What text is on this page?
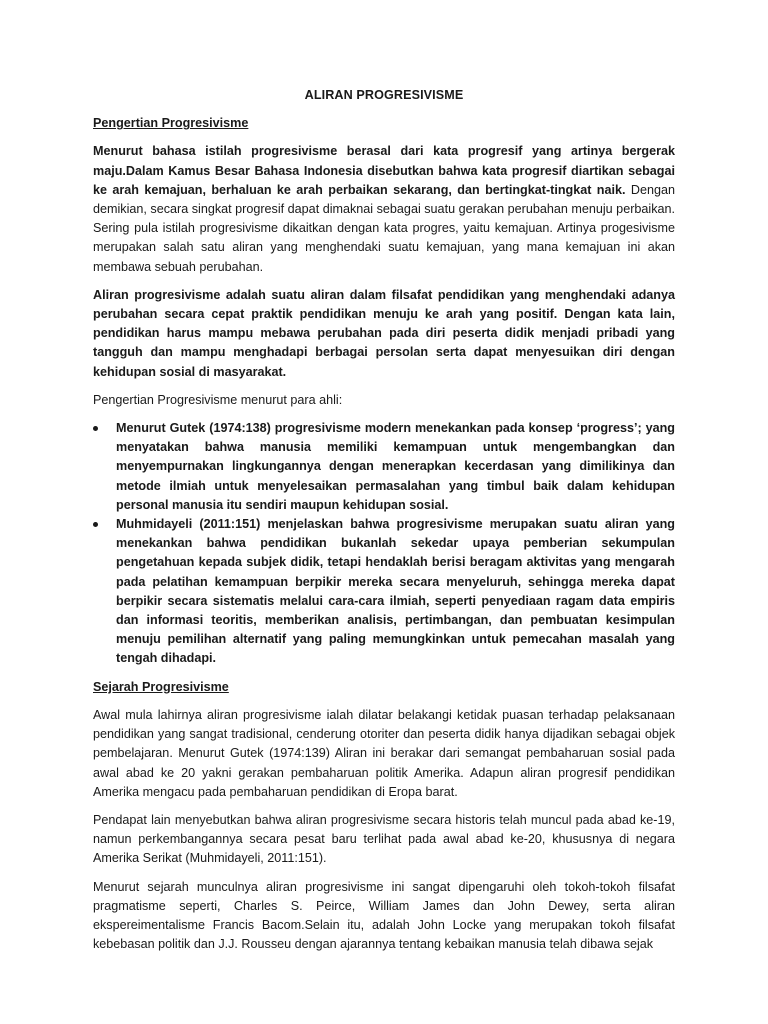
ALIRAN PROGRESIVISME
Pengertian Progresivisme

Menurut bahasa istilah progresivisme berasal dari kata progresif yang artinya bergerak maju.Dalam Kamus Besar Bahasa Indonesia disebutkan bahwa kata progresif diartikan sebagai ke arah kemajuan, berhaluan ke arah perbaikan sekarang, dan bertingkat-tingkat naik. Dengan demikian, secara singkat progresif dapat dimaknai sebagai suatu gerakan perubahan menuju perbaikan. Sering pula istilah progresivisme dikaitkan dengan kata progres, yaitu kemajuan. Artinya progesivisme merupakan salah satu aliran yang menghendaki suatu kemajuan, yang mana kemajuan ini akan membawa sebuah perubahan.

Aliran progresivisme adalah suatu aliran dalam filsafat pendidikan yang menghendaki adanya perubahan secara cepat praktik pendidikan menuju ke arah yang positif. Dengan kata lain, pendidikan harus mampu mebawa perubahan pada diri peserta didik menjadi pribadi yang tangguh dan mampu menghadapi berbagai persolan serta dapat menyesuikan diri dengan kehidupan sosial di masyarakat.

Pengertian Progresivisme menurut para ahli:
Menurut Gutek (1974:138) progresivisme modern menekankan pada konsep ‘progress’; yang menyatakan bahwa manusia memiliki kemampuan untuk mengembangkan dan menyempurnakan lingkungannya dengan menerapkan kecerdasan yang dimilikinya dan metode ilmiah untuk menyelesaikan permasalahan yang timbul baik dalam kehidupan personal manusia itu sendiri maupun kehidupan sosial.
Muhmidayeli (2011:151) menjelaskan bahwa progresivisme merupakan suatu aliran yang menekankan bahwa pendidikan bukanlah sekedar upaya pemberian sekumpulan pengetahuan kepada subjek didik, tetapi hendaklah berisi beragam aktivitas yang mengarah pada pelatihan kemampuan berpikir mereka secara menyeluruh, sehingga mereka dapat berpikir secara sistematis melalui cara-cara ilmiah, seperti penyediaan ragam data empiris dan informasi teoritis, memberikan analisis, pertimbangan, dan pembuatan kesimpulan menuju pemilihan alternatif yang paling memungkinkan untuk pemecahan masalah yang tengah dihadapi.
Sejarah Progresivisme

Awal mula lahirnya aliran progresivisme ialah dilatar belakangi ketidak puasan terhadap pelaksanaan pendidikan yang sangat tradisional, cenderung otoriter dan peserta didik hanya dijadikan sebagai objek pembelajaran. Menurut Gutek (1974:139) Aliran ini berakar dari semangat pembaharuan sosial pada awal abad ke 20 yakni gerakan pembaharuan politik Amerika. Adapun aliran progresif pendidikan Amerika mengacu pada pembaharuan pendidikan di Eropa barat.

Pendapat lain menyebutkan bahwa aliran progresivisme secara historis telah muncul pada abad ke-19, namun perkembangannya secara pesat baru terlihat pada awal abad ke-20, khususnya di negara Amerika Serikat (Muhmidayeli, 2011:151).

Menurut sejarah munculnya aliran progresivisme ini sangat dipengaruhi oleh tokoh-tokoh filsafat pragmatisme seperti, Charles S. Peirce, William James dan John Dewey, serta aliran ekspereimentalisme Francis Bacom.Selain itu, adalah John Locke yang merupakan tokoh filsafat kebebasan politik dan J.J. Rousseu dengan ajarannya tentang kebaikan manusia telah dibawa sejak
